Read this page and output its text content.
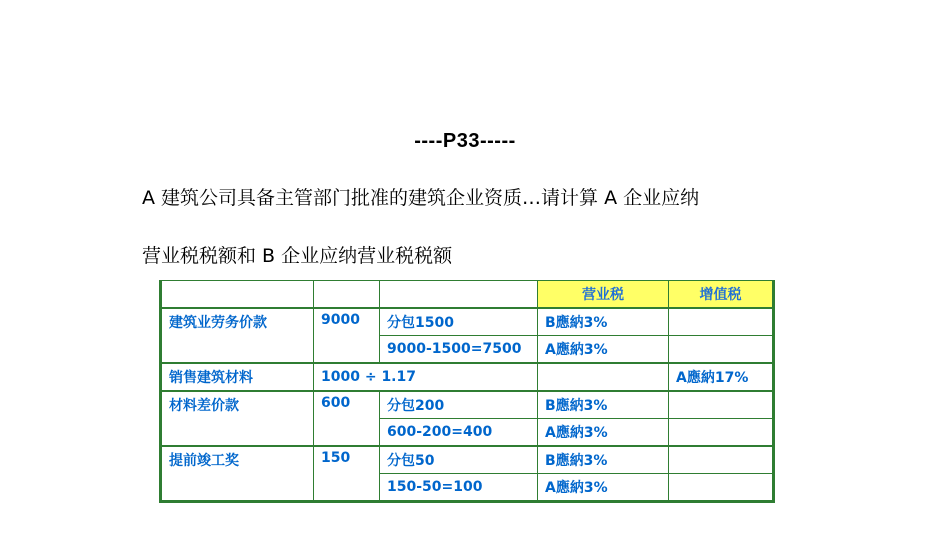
----P33-----
A 建筑公司具备主管部门批准的建筑企业资质…请计算 A 企业应纳
营业税税额和 B 企业应纳营业税税额
			营业税	增值税
建筑业劳务价款	9000	分包1500	B應納3%	
		9000-1500=7500	A應納3%	
销售建筑材料	1000 ÷ 1.17			A應納17%
材料差价款	600	分包200	B應納3%	
		600-200=400	A應納3%	
提前竣工奖	150	分包50	B應納3%	
		150-50=100	A應納3%	
